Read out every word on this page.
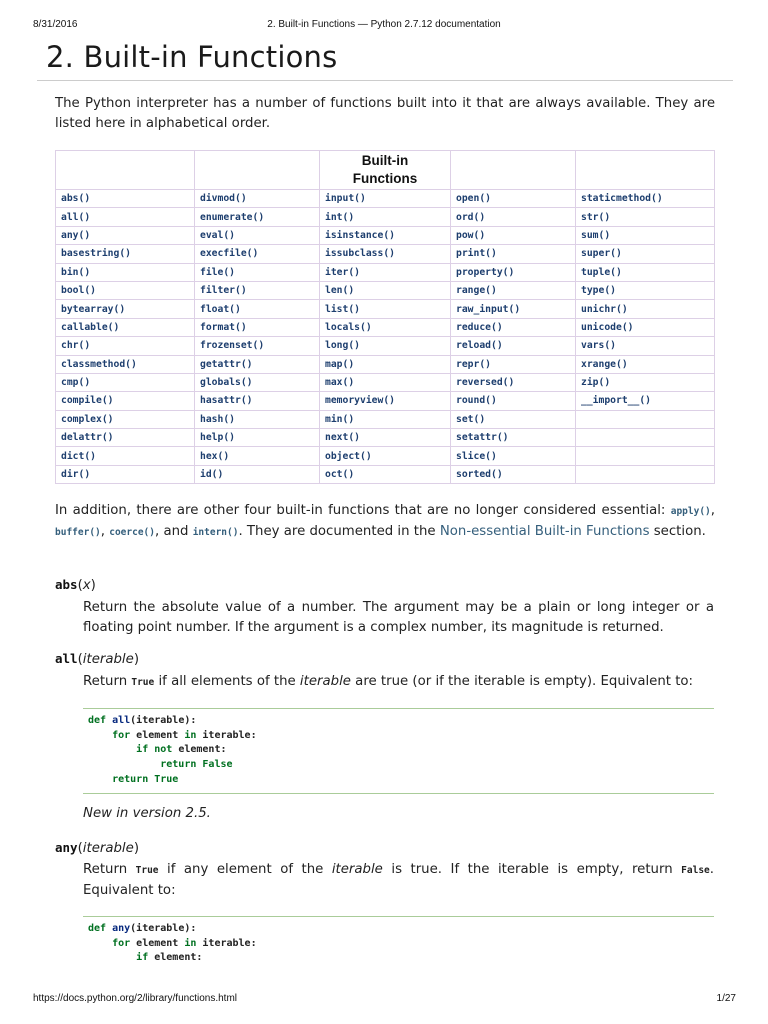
8/31/2016	2. Built-in Functions — Python 2.7.12 documentation
2. Built-in Functions

The Python interpreter has a number of functions built into it that are always available. They are listed here in alphabetical order.

		Built-in Functions		
abs()	divmod()	input()	open()	staticmethod()
all()	enumerate()	int()	ord()	str()
any()	eval()	isinstance()	pow()	sum()
basestring()	execfile()	issubclass()	print()	super()
bin()	file()	iter()	property()	tuple()
bool()	filter()	len()	range()	type()
bytearray()	float()	list()	raw_input()	unichr()
callable()	format()	locals()	reduce()	unicode()
chr()	frozenset()	long()	reload()	vars()
classmethod()	getattr()	map()	repr()	xrange()
cmp()	globals()	max()	reversed()	zip()
compile()	hasattr()	memoryview()	round()	__import__()
complex()	hash()	min()	set()	
delattr()	help()	next()	setattr()	
dict()	hex()	object()	slice()	
dir()	id()	oct()	sorted()	

In addition, there are other four built-in functions that are no longer considered essential: apply(), buffer(), coerce(), and intern(). They are documented in the Non-essential Built-in Functions section.

abs(x)

Return the absolute value of a number. The argument may be a plain or long integer or a floating point number. If the argument is a complex number, its magnitude is returned.

all(iterable)

Return True if all elements of the iterable are true (or if the iterable is empty). Equivalent to:

def all(iterable):
for element in iterable:
if not element:
return False
return True

New in version 2.5.

any(iterable)

Return True if any element of the iterable is true. If the iterable is empty, return False. Equivalent to:

def any(iterable):
for element in iterable:
if element:
https://docs.python.org/2/library/functions.html	1/27
